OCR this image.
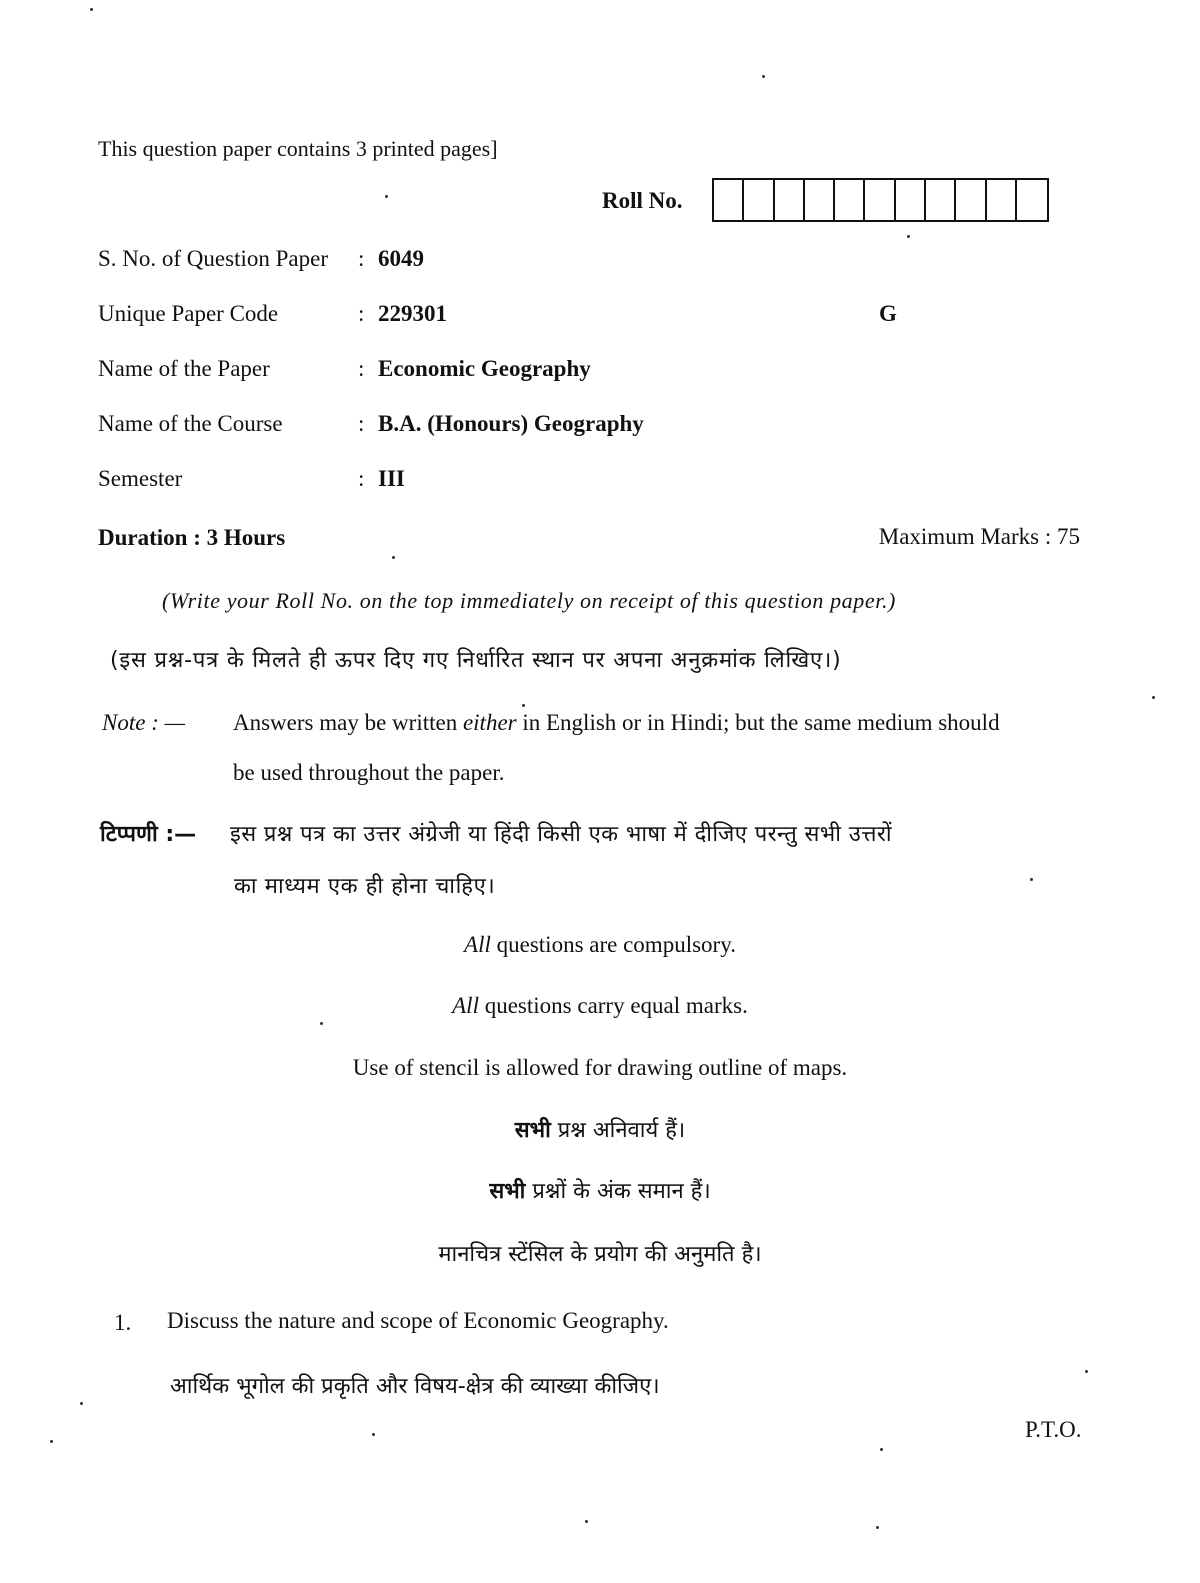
This question paper contains 3 printed pages]
Roll No.
S. No. of Question Paper : 6049
Unique Paper Code	: 229301	G
Name of the Paper	: Economic Geography
Name of the Course	: B.A. (Honours) Geography
Semester	: III
Duration : 3 Hours	Maximum Marks : 75
(Write your Roll No. on the top immediately on receipt of this question paper.)
(इस प्रश्न-पत्र के मिलते ही ऊपर दिए गए निर्धारित स्थान पर अपना अनुक्रमांक लिखिए।)
Note : — Answers may be written either in English or in Hindi; but the same medium should
be used throughout the paper.
टिप्पणी :— इस प्रश्न पत्र का उत्तर अंग्रेजी या हिंदी किसी एक भाषा में दीजिए परन्तु सभी उत्तरों
का माध्यम एक ही होना चाहिए।
All questions are compulsory.
All questions carry equal marks.
Use of stencil is allowed for drawing outline of maps.
सभी प्रश्न अनिवार्य हैं।
सभी प्रश्नों के अंक समान हैं।
मानचित्र स्टेंसिल के प्रयोग की अनुमति है।
1. Discuss the nature and scope of Economic Geography.
आर्थिक भूगोल की प्रकृति और विषय-क्षेत्र की व्याख्या कीजिए।
P.T.O.
